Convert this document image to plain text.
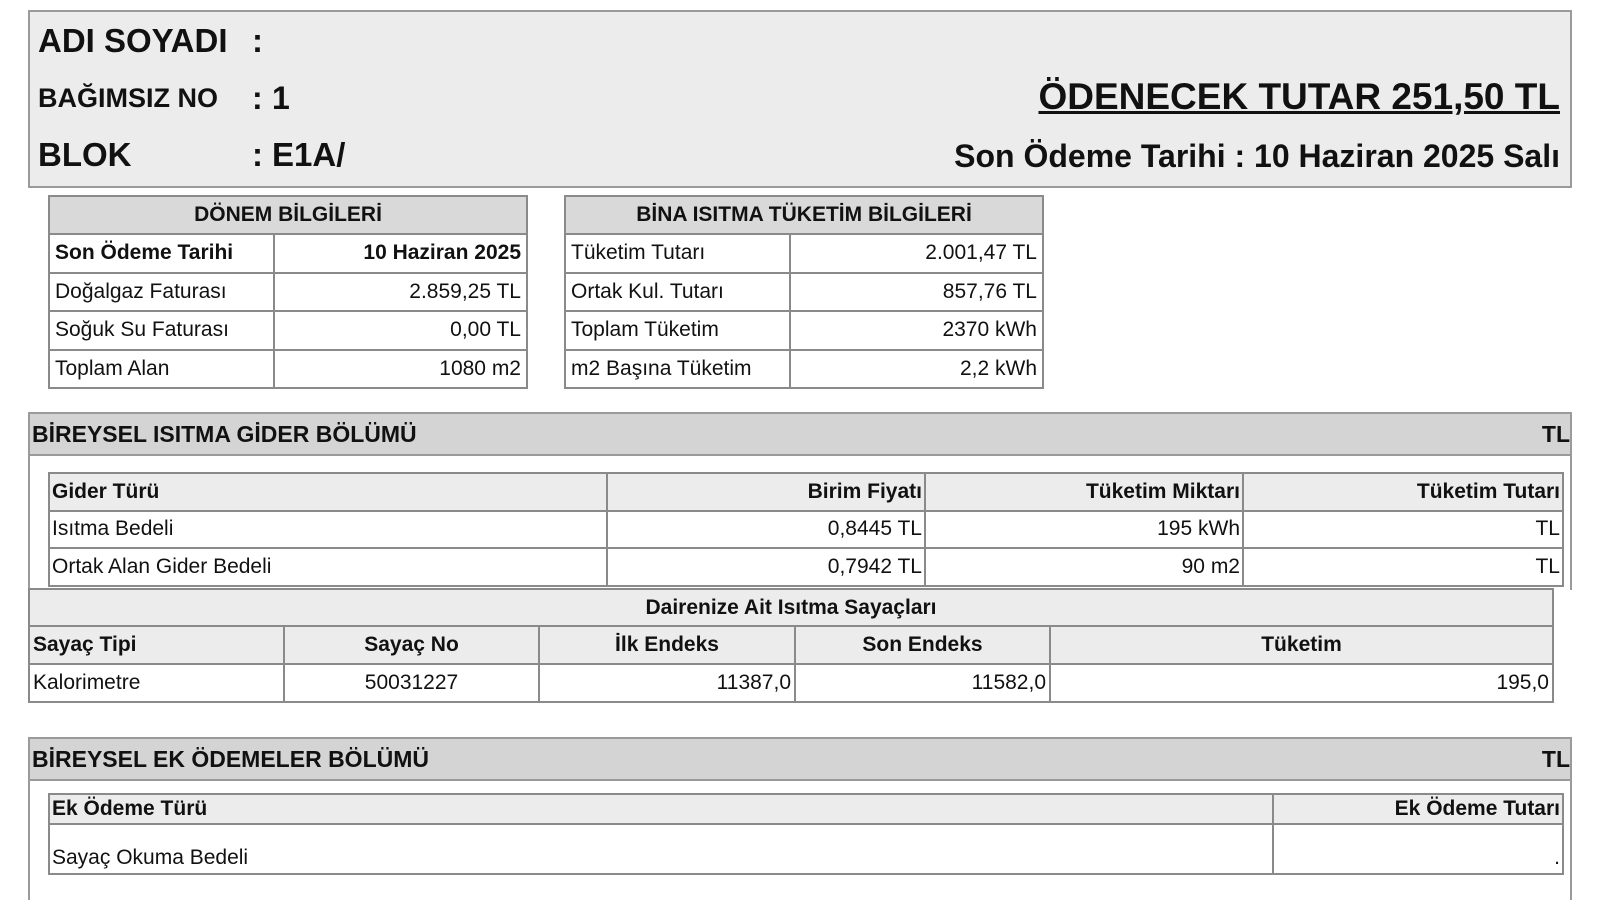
ADI SOYADI :
BAĞIMSIZ NO	: 1
BLOK	: E1A/
ÖDENECEK TUTAR 251,50 TL
Son Ödeme Tarihi : 10 Haziran 2025 Salı
DÖNEM BİLGİLERİ	
Son Ödeme Tarihi	10 Haziran 2025
Doğalgaz Faturası	2.859,25 TL
Soğuk Su Faturası	0,00 TL
Toplam Alan	1080 m2
BİNA ISITMA TÜKETİM BİLGİLERİ	
Tüketim Tutarı	2.001,47 TL
Ortak Kul. Tutarı	857,76 TL
Toplam Tüketim	2370 kWh
m2 Başına Tüketim	2,2 kWh
BİREYSEL ISITMA GİDER BÖLÜMÜ	TL
Gider Türü	Birim Fiyatı	Tüketim Miktarı	Tüketim Tutarı
Isıtma Bedeli	0,8445 TL	195 kWh	TL
Ortak Alan Gider Bedeli	0,7942 TL	90 m2	TL
Dairenize Ait Isıtma Sayaçları				
Sayaç Tipi	Sayaç No	İlk Endeks	Son Endeks	Tüketim
Kalorimetre	50031227	11387,0	11582,0	195,0
BİREYSEL EK ÖDEMELER BÖLÜMÜ	TL
Ek Ödeme Türü	Ek Ödeme Tutarı
Sayaç Okuma Bedeli	.
